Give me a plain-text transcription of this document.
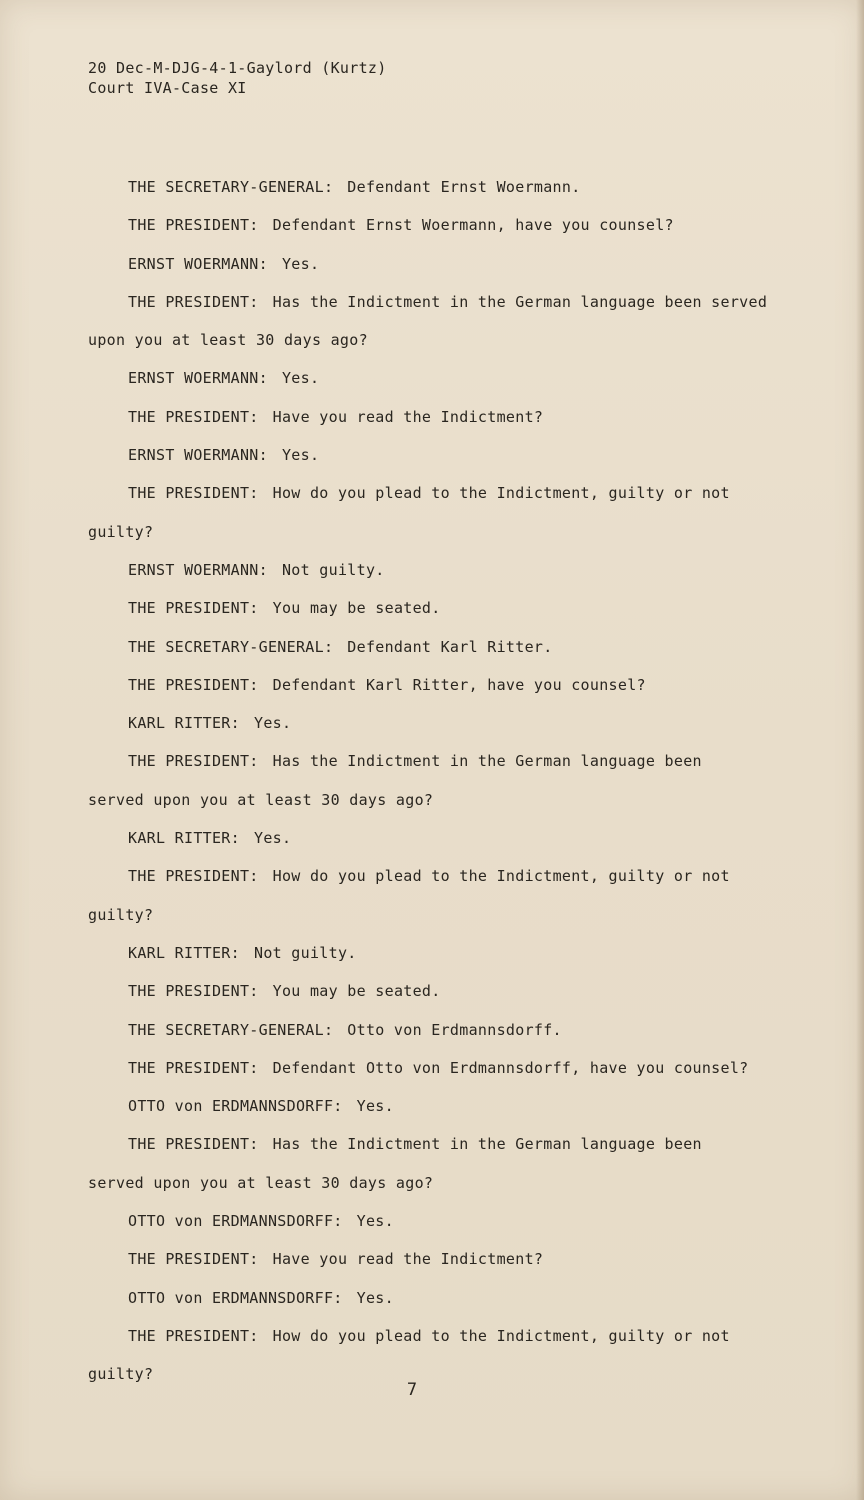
20 Dec-M-DJG-4-1-Gaylord (Kurtz)
Court IVA-Case XI
THE SECRETARY-GENERAL: Defendant Ernst Woermann.
THE PRESIDENT: Defendant Ernst Woermann, have you counsel?
ERNST WOERMANN: Yes.
THE PRESIDENT: Has the Indictment in the German language been served
upon you at least 30 days ago?
ERNST WOERMANN: Yes.
THE PRESIDENT: Have you read the Indictment?
ERNST WOERMANN: Yes.
THE PRESIDENT: How do you plead to the Indictment, guilty or not
guilty?
ERNST WOERMANN: Not guilty.
THE PRESIDENT: You may be seated.
THE SECRETARY-GENERAL: Defendant Karl Ritter.
THE PRESIDENT: Defendant Karl Ritter, have you counsel?
KARL RITTER: Yes.
THE PRESIDENT: Has the Indictment in the German language been
served upon you at least 30 days ago?
KARL RITTER: Yes.
THE PRESIDENT: How do you plead to the Indictment, guilty or not
guilty?
KARL RITTER: Not guilty.
THE PRESIDENT: You may be seated.
THE SECRETARY-GENERAL: Otto von Erdmannsdorff.
THE PRESIDENT: Defendant Otto von Erdmannsdorff, have you counsel?
OTTO von ERDMANNSDORFF: Yes.
THE PRESIDENT: Has the Indictment in the German language been
served upon you at least 30 days ago?
OTTO von ERDMANNSDORFF: Yes.
THE PRESIDENT: Have you read the Indictment?
OTTO von ERDMANNSDORFF: Yes.
THE PRESIDENT: How do you plead to the Indictment, guilty or not
guilty?
7
